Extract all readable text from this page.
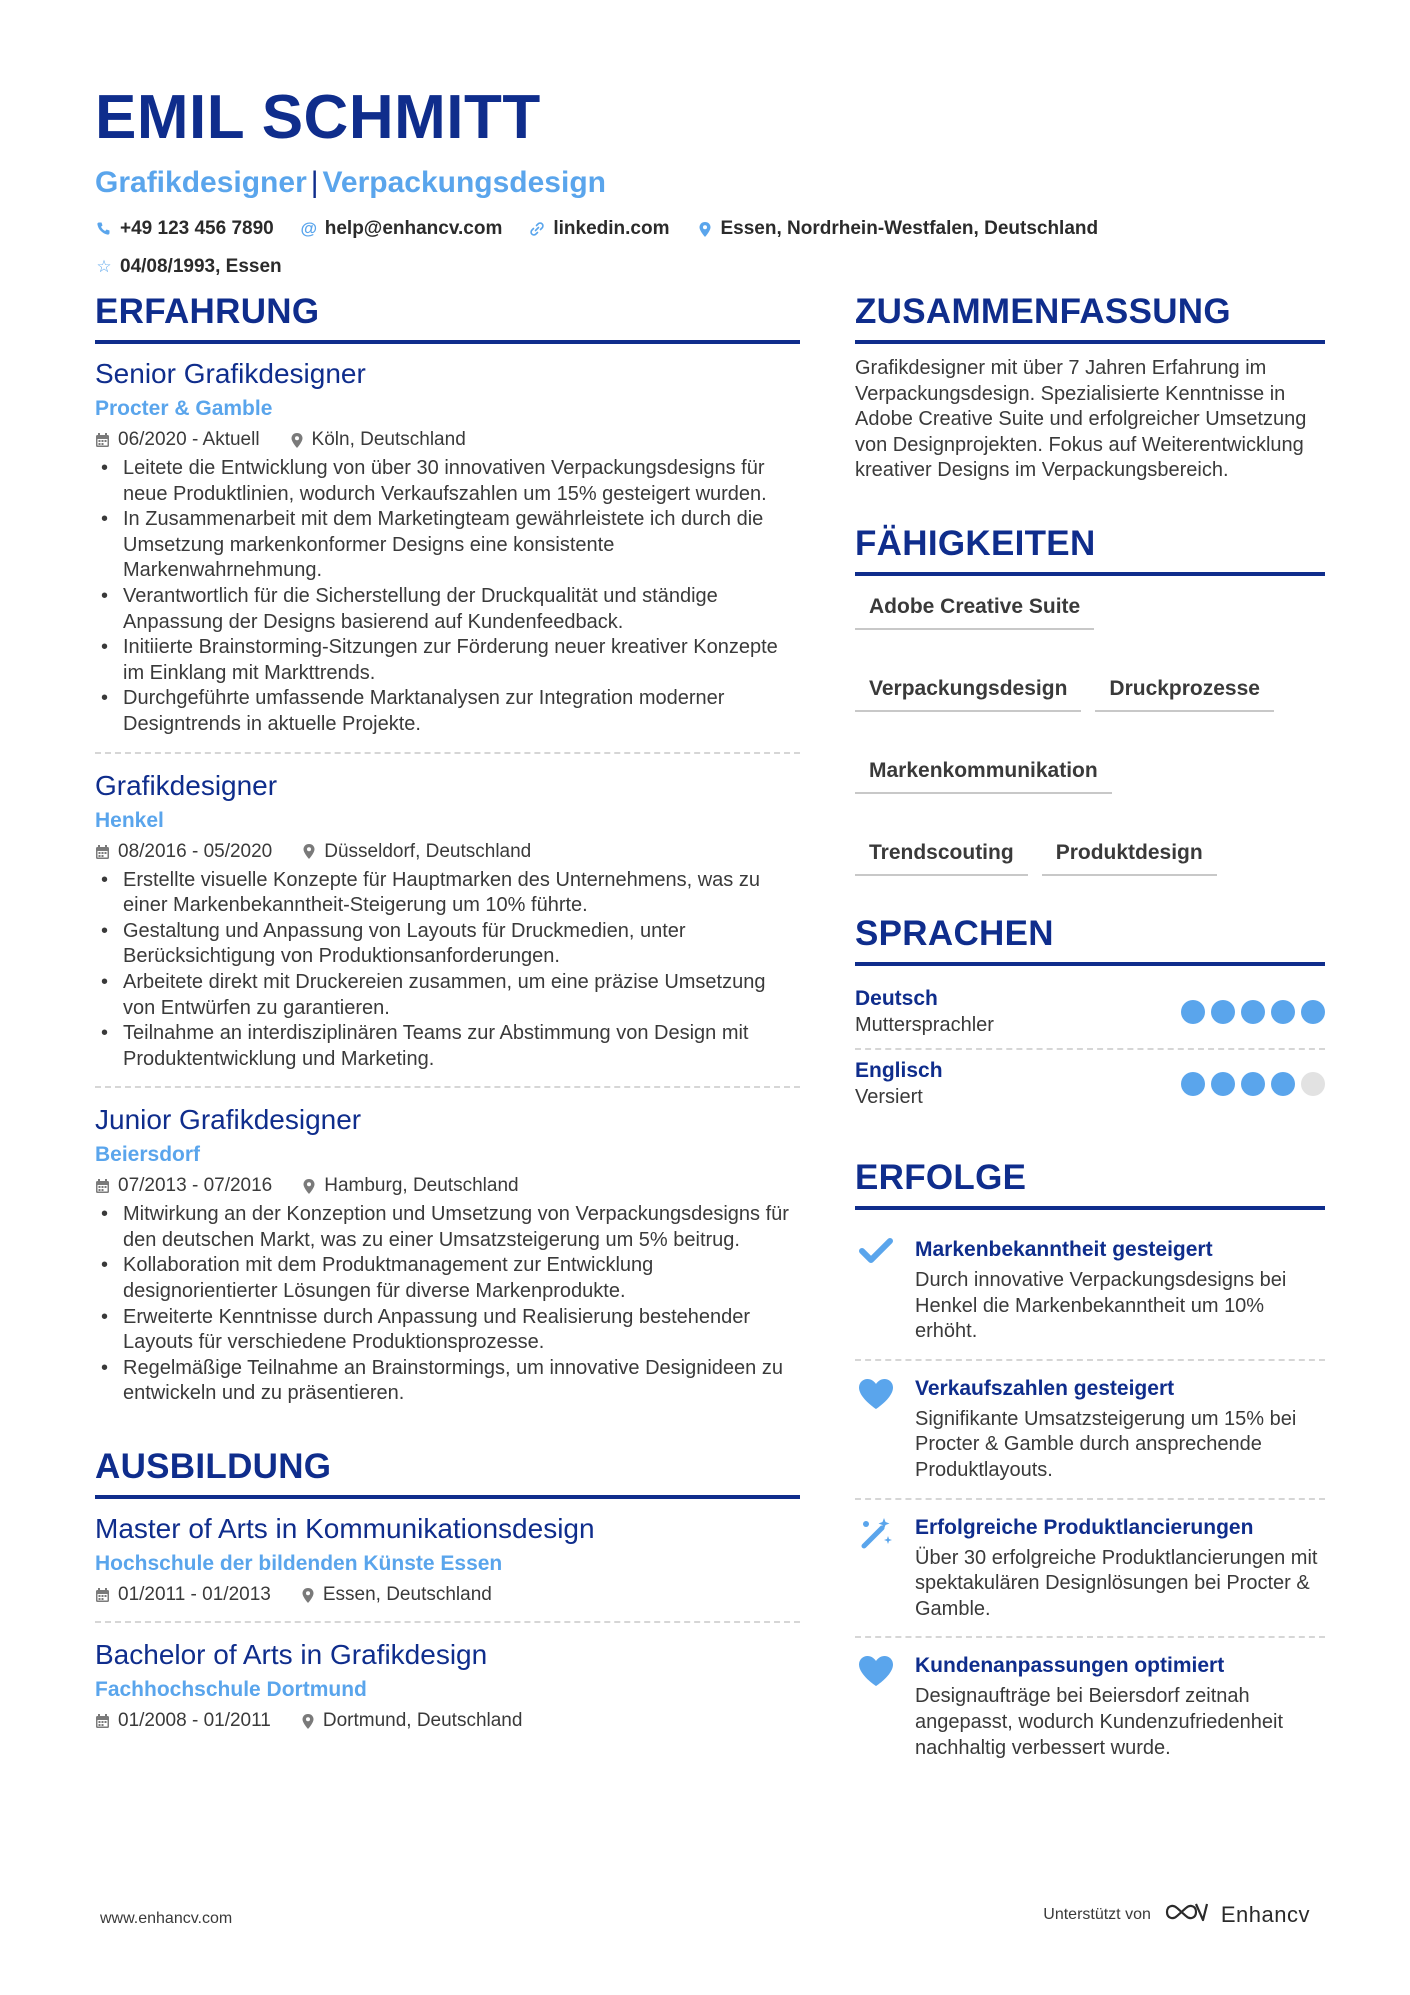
EMIL SCHMITT
Grafikdesigner | Verpackungsdesign
+49 123 456 7890 @ help@enhancv.com	linkedin.com	Essen, Nordrhein-Westfalen, Deutschland
☆ 04/08/1993, Essen
ERFAHRUNG
Senior Grafikdesigner
Procter & Gamble
06/2020 - Aktuell	Köln, Deutschland
• Leitete die Entwicklung von über 30 innovativen Verpackungsdesigns für neue Produktlinien, wodurch Verkaufszahlen um 15% gesteigert wurden.
• In Zusammenarbeit mit dem Marketingteam gewährleistete ich durch die Umsetzung markenkonformer Designs eine konsistente Markenwahrnehmung.
• Verantwortlich für die Sicherstellung der Druckqualität und ständige Anpassung der Designs basierend auf Kundenfeedback.
• Initiierte Brainstorming-Sitzungen zur Förderung neuer kreativer Konzepte im Einklang mit Markttrends.
• Durchgeführte umfassende Marktanalysen zur Integration moderner Designtrends in aktuelle Projekte.
Grafikdesigner
Henkel
08/2016 - 05/2020	Düsseldorf, Deutschland
• Erstellte visuelle Konzepte für Hauptmarken des Unternehmens, was zu einer Markenbekanntheit-Steigerung um 10% führte.
• Gestaltung und Anpassung von Layouts für Druckmedien, unter Berücksichtigung von Produktionsanforderungen.
• Arbeitete direkt mit Druckereien zusammen, um eine präzise Umsetzung von Entwürfen zu garantieren.
• Teilnahme an interdisziplinären Teams zur Abstimmung von Design mit Produktentwicklung und Marketing.
Junior Grafikdesigner
Beiersdorf
07/2013 - 07/2016	Hamburg, Deutschland
• Mitwirkung an der Konzeption und Umsetzung von Verpackungsdesigns für den deutschen Markt, was zu einer Umsatzsteigerung um 5% beitrug.
• Kollaboration mit dem Produktmanagement zur Entwicklung designorientierter Lösungen für diverse Markenprodukte.
• Erweiterte Kenntnisse durch Anpassung und Realisierung bestehender Layouts für verschiedene Produktionsprozesse.
• Regelmäßige Teilnahme an Brainstormings, um innovative Designideen zu entwickeln und zu präsentieren.
AUSBILDUNG
Master of Arts in Kommunikationsdesign
Hochschule der bildenden Künste Essen
01/2011 - 01/2013	Essen, Deutschland
Bachelor of Arts in Grafikdesign
Fachhochschule Dortmund
01/2008 - 01/2011	Dortmund, Deutschland
ZUSAMMENFASSUNG
Grafikdesigner mit über 7 Jahren Erfahrung im Verpackungsdesign. Spezialisierte Kenntnisse in Adobe Creative Suite und erfolgreicher Umsetzung von Designprojekten. Fokus auf Weiterentwicklung kreativer Designs im Verpackungsbereich.
FÄHIGKEITEN
Adobe Creative Suite
Verpackungsdesign	Druckprozesse
Markenkommunikation
Trendscouting	Produktdesign
SPRACHEN
Deutsch
Muttersprachler
Englisch
Versiert
ERFOLGE
Markenbekanntheit gesteigert
Durch innovative Verpackungsdesigns bei Henkel die Markenbekanntheit um 10% erhöht.
Verkaufszahlen gesteigert
Signifikante Umsatzsteigerung um 15% bei Procter & Gamble durch ansprechende Produktlayouts.
Erfolgreiche Produktlancierungen
Über 30 erfolgreiche Produktlancierungen mit spektakulären Designlösungen bei Procter & Gamble.
Kundenanpassungen optimiert
Designaufträge bei Beiersdorf zeitnah angepasst, wodurch Kundenzufriedenheit nachhaltig verbessert wurde.
www.enhancv.com	Unterstützt von	Enhancv
